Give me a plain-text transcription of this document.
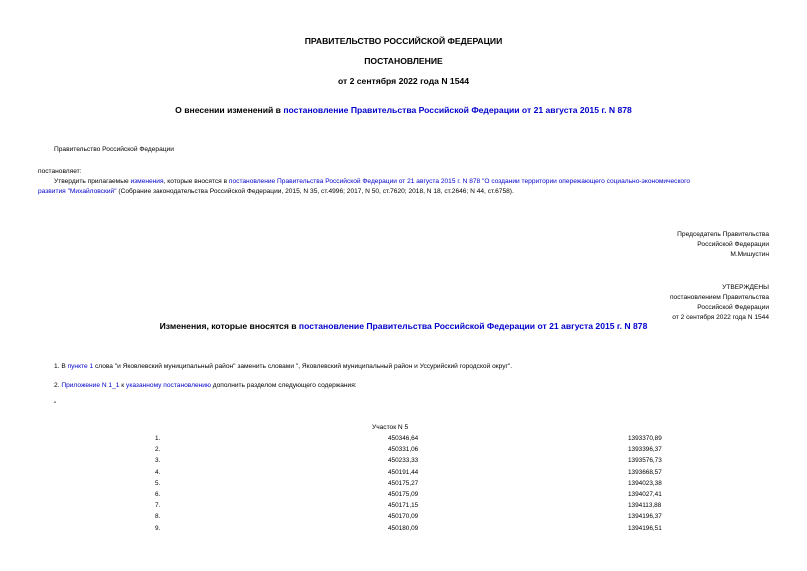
ПРАВИТЕЛЬСТВО РОССИЙСКОЙ ФЕДЕРАЦИИ
ПОСТАНОВЛЕНИЕ
от 2 сентября 2022 года N 1544
О внесении изменений в постановление Правительства Российской Федерации от 21 августа 2015 г. N 878
Правительство Российской Федерации
постановляет:
Утвердить прилагаемые изменения, которые вносятся в постановление Правительства Российской Федерации от 21 августа 2015 г. N 878 "О создании территории опережающего социально-экономического
развития "Михайловский" (Собрание законодательства Российской Федерации, 2015, N 35, ст.4996; 2017, N 50, ст.7620; 2018, N 18, ст.2646; N 44, ст.6758).
Председатель Правительства
Российской Федерации
М.Мишустин
УТВЕРЖДЕНЫ
постановлением Правительства
Российской Федерации
от 2 сентября 2022 года N 1544
Изменения, которые вносятся в постановление Правительства Российской Федерации от 21 августа 2015 г. N 878
1. В пункте 1 слова "и Яковлевский муниципальный район" заменить словами ", Яковлевский муниципальный район и Уссурийский городской округ".
2. Приложение N 1_1 к указанному постановлению дополнить разделом следующего содержания:
"
Участок N 5
1.	450346,64	1393370,89
2.	450331,06	1393396,37
3.	450233,33	1393576,73
4.	450191,44	1393668,57
5.	450175,27	1394023,38
6.	450175,09	1394027,41
7.	450171,15	1394113,88
8.	450170,09	1394196,37
9.	450180,09	1394196,51
